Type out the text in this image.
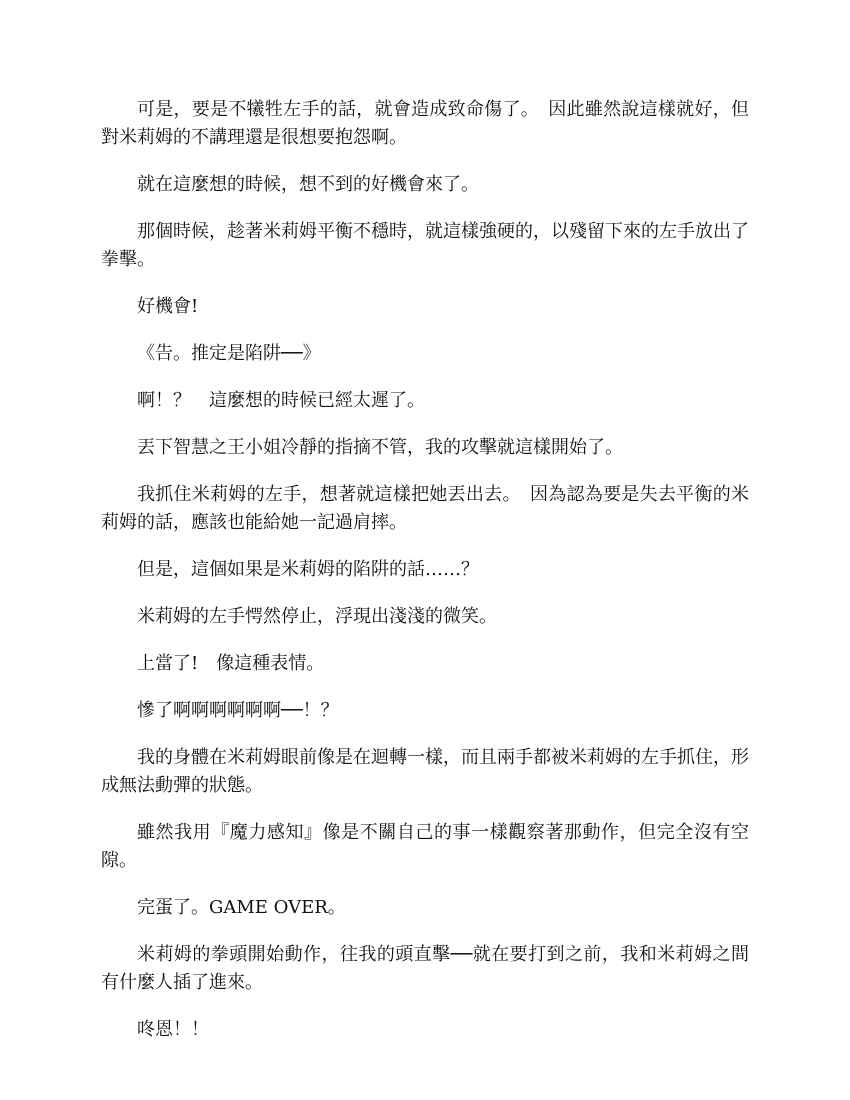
可是，要是不犧牲左手的話，就會造成致命傷了。　因此雖然說這樣就好，但對米莉姆的不講理還是很想要抱怨啊。

就在這麼想的時候，想不到的好機會來了。

那個時候，趁著米莉姆平衡不穩時，就這樣強硬的，以殘留下來的左手放出了拳擊。

好機會!

《告。推定是陷阱──》

啊！？　這麼想的時候已經太遲了。

丟下智慧之王小姐冷靜的指摘不管，我的攻擊就這樣開始了。

我抓住米莉姆的左手，想著就這樣把她丟出去。　因為認為要是失去平衡的米莉姆的話，應該也能給她一記過肩摔。

但是，這個如果是米莉姆的陷阱的話……？

米莉姆的左手愕然停止，浮現出淺淺的微笑。

上當了!　像這種表情。

慘了啊啊啊啊啊啊──！？

我的身體在米莉姆眼前像是在迴轉一樣，而且兩手都被米莉姆的左手抓住，形成無法動彈的狀態。

雖然我用『魔力感知』像是不關自己的事一樣觀察著那動作，但完全沒有空隙。

完蛋了。GAME OVER。

米莉姆的拳頭開始動作，往我的頭直擊──就在要打到之前，我和米莉姆之間有什麼人插了進來。

咚恩！！
